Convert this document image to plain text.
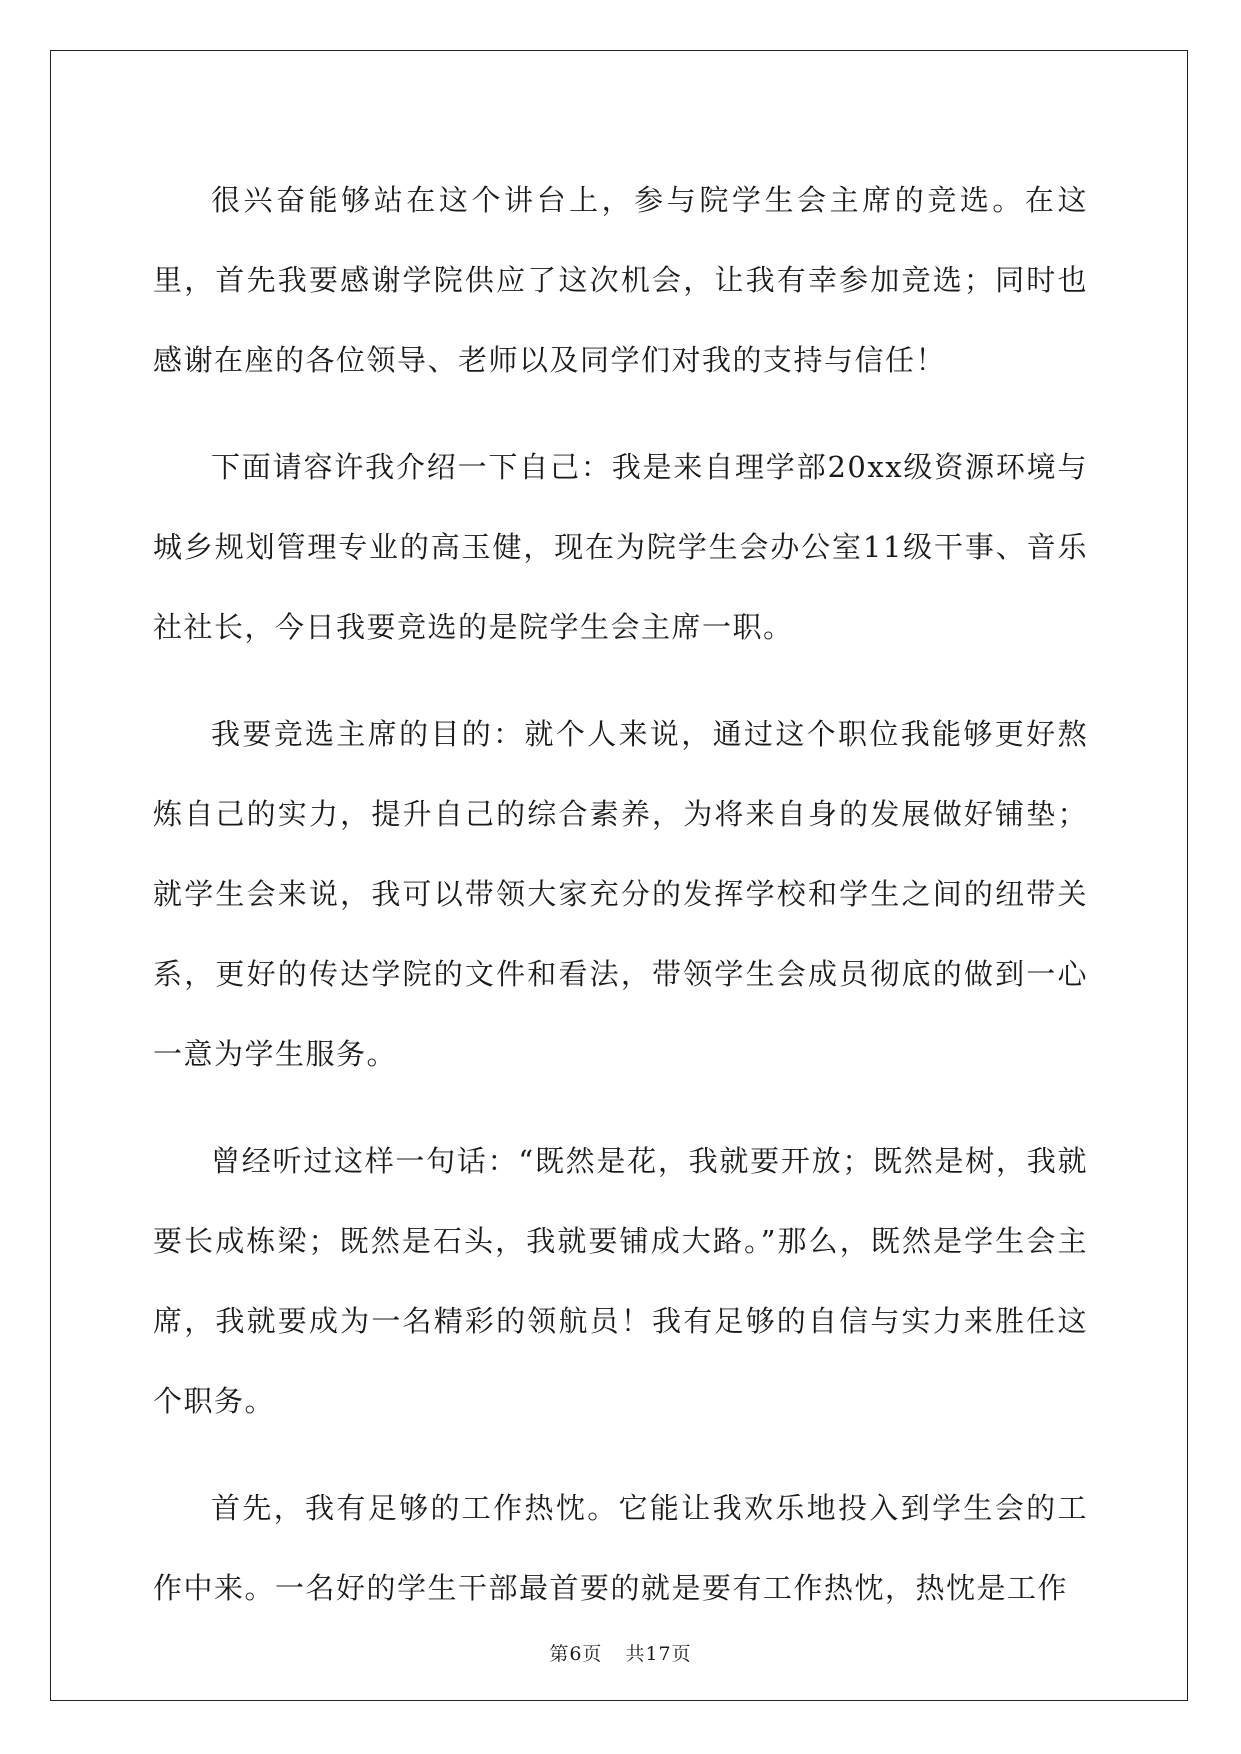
很兴奋能够站在这个讲台上，参与院学生会主席的竞选。在这里，首先我要感谢学院供应了这次机会，让我有幸参加竞选；同时也感谢在座的各位领导、老师以及同学们对我的支持与信任！

下面请容许我介绍一下自己：我是来自理学部20xx级资源环境与城乡规划管理专业的高玉健，现在为院学生会办公室11级干事、音乐社社长，今日我要竞选的是院学生会主席一职。

我要竞选主席的目的：就个人来说，通过这个职位我能够更好熬炼自己的实力，提升自己的综合素养，为将来自身的发展做好铺垫；就学生会来说，我可以带领大家充分的发挥学校和学生之间的纽带关系，更好的传达学院的文件和看法，带领学生会成员彻底的做到一心一意为学生服务。

曾经听过这样一句话：“既然是花，我就要开放；既然是树，我就要长成栋梁；既然是石头，我就要铺成大路。”那么，既然是学生会主席，我就要成为一名精彩的领航员！我有足够的自信与实力来胜任这个职务。

首先，我有足够的工作热忱。它能让我欢乐地投入到学生会的工作中来。一名好的学生干部最首要的就是要有工作热忱，热忱是工作

第6页 共17页
